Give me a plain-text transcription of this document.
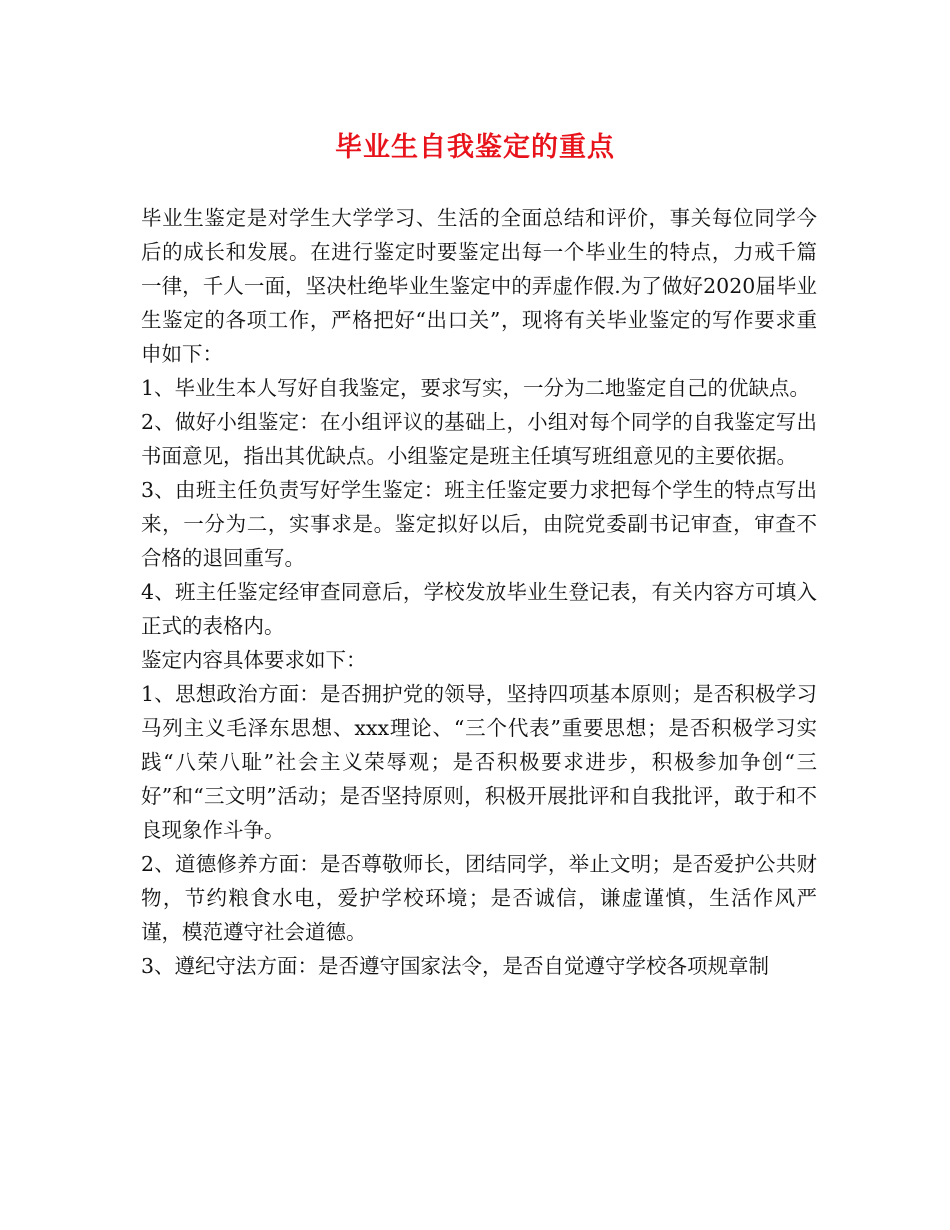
毕业生自我鉴定的重点

毕业生鉴定是对学生大学学习、生活的全面总结和评价，事关每位同学今后的成长和发展。在进行鉴定时要鉴定出每一个毕业生的特点，力戒千篇一律，千人一面，坚决杜绝毕业生鉴定中的弄虚作假.为了做好2020届毕业生鉴定的各项工作，严格把好“出口关”，现将有关毕业鉴定的写作要求重申如下：

1、毕业生本人写好自我鉴定，要求写实，一分为二地鉴定自己的优缺点。

2、做好小组鉴定：在小组评议的基础上，小组对每个同学的自我鉴定写出书面意见，指出其优缺点。小组鉴定是班主任填写班组意见的主要依据。

3、由班主任负责写好学生鉴定：班主任鉴定要力求把每个学生的特点写出来，一分为二，实事求是。鉴定拟好以后，由院党委副书记审查，审查不合格的退回重写。

4、班主任鉴定经审查同意后，学校发放毕业生登记表，有关内容方可填入正式的表格内。

鉴定内容具体要求如下：

1、思想政治方面：是否拥护党的领导，坚持四项基本原则；是否积极学习马列主义毛泽东思想、xxx理论、“三个代表”重要思想；是否积极学习实践“八荣八耻”社会主义荣辱观；是否积极要求进步，积极参加争创“三好”和“三文明”活动；是否坚持原则，积极开展批评和自我批评，敢于和不良现象作斗争。

2、道德修养方面：是否尊敬师长，团结同学，举止文明；是否爱护公共财物，节约粮食水电，爱护学校环境；是否诚信，谦虚谨慎，生活作风严谨，模范遵守社会道德。

3、遵纪守法方面：是否遵守国家法令，是否自觉遵守学校各项规章制
